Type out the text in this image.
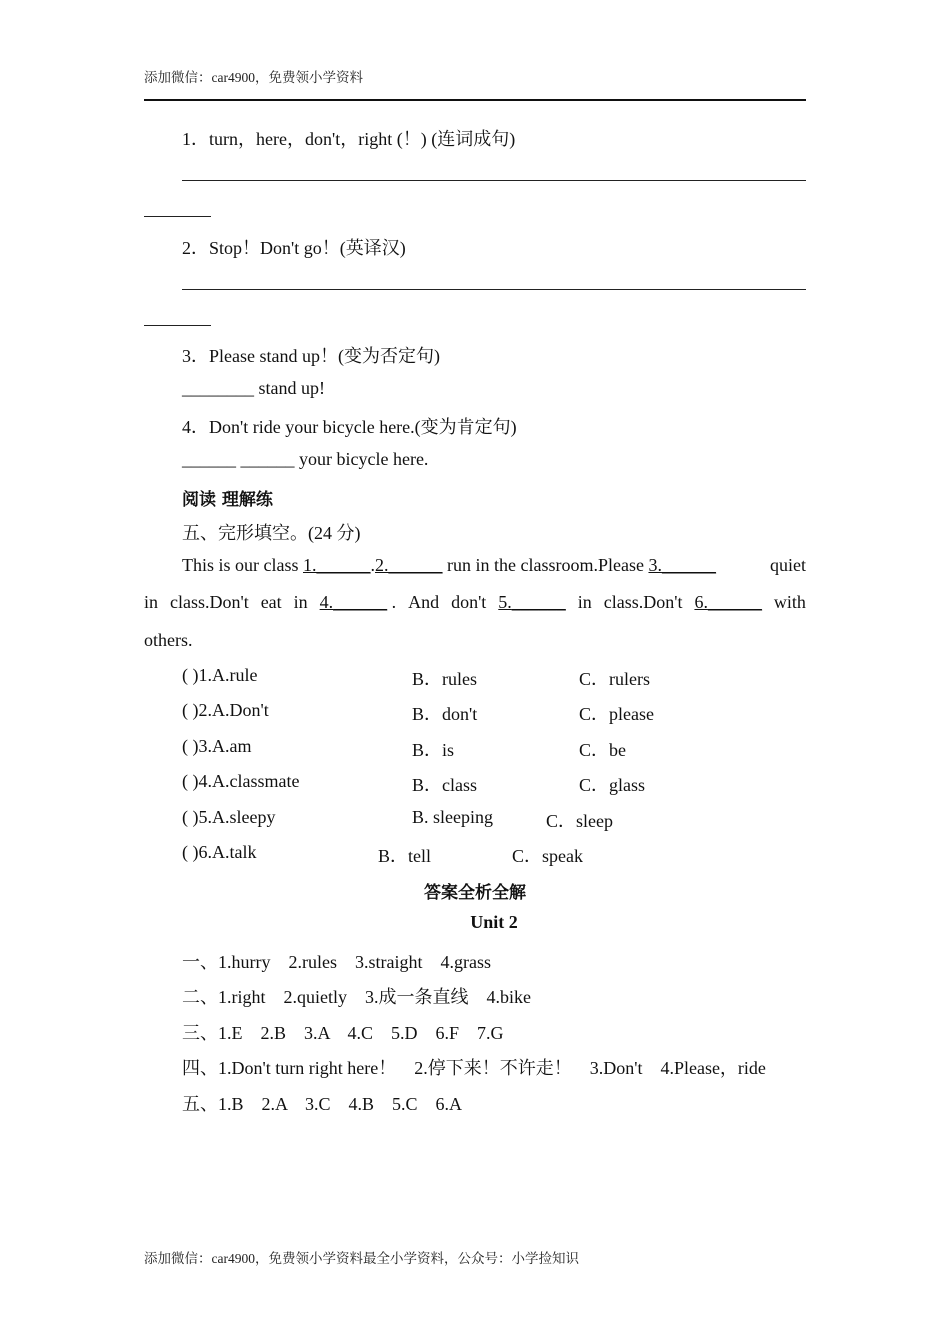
添加微信：car4900，免费领小学资料
1．turn，here，don't，right (！) (连词成句)
2．Stop！Don't go！(英译汉)
3．Please stand up！(变为否定句)
________ stand up!
4．Don't ride your bicycle here.(变为肯定句)
______ ______ your bicycle here.
阅读 理解练
五、完形填空。(24 分)
This is our class 1.______.2.______ run in the classroom.Please 3.______	quiet
in class.Don't eat in 4.______ . And don't 5.______ in class.Don't 6.______ with
others.
( )1.A.rule	B．rules	C．rulers
( )2.A.Don't	B．don't	C．please
( )3.A.am	B．is	C．be
( )4.A.classmate	B．class	C．glass
( )5.A.sleepy	B. sleeping	C．sleep
( )6.A.talk	B．tell	C．speak
答案全析全解
Unit 2
一、1.hurry    2.rules    3.straight    4.grass
二、1.right    2.quietly    3.成一条直线    4.bike
三、1.E    2.B    3.A    4.C    5.D    6.F    7.G
四、1.Don't turn right here！    2.停下来！不许走！    3.Don't    4.Please，ride
五、1.B    2.A    3.C    4.B    5.C    6.A
添加微信：car4900，免费领小学资料最全小学资料，公众号：小学捡知识
